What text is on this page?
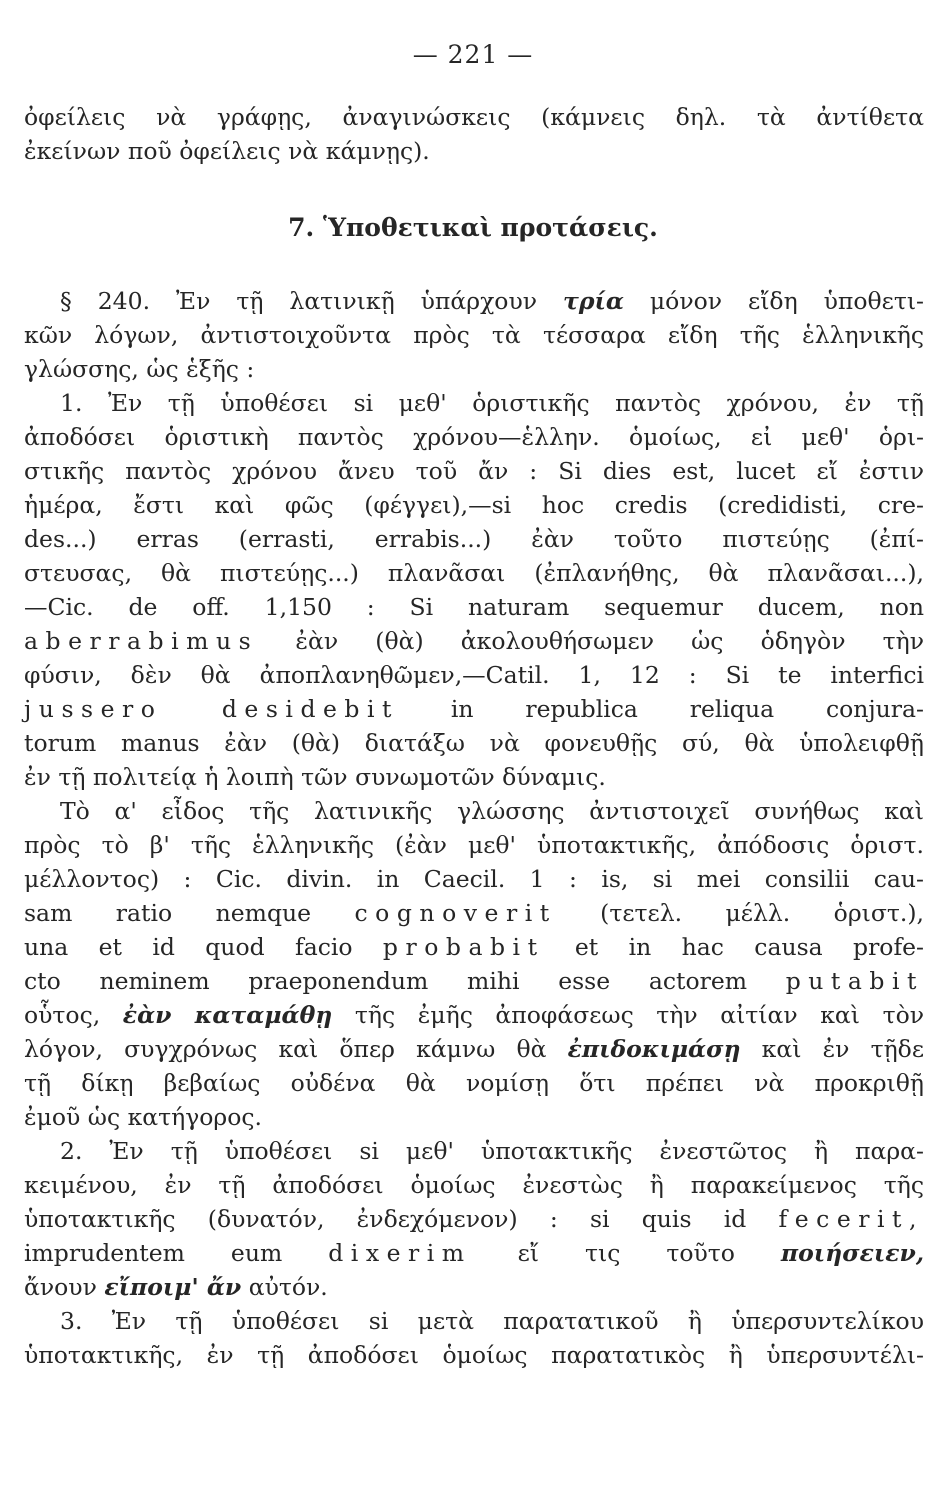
— 221 —
ὀφείλεις νὰ γράφῃς, ἀναγινώσκεις (κάμνεις δηλ. τὰ ἀντίθετα
ἐκείνων ποῦ ὀφείλεις νὰ κάμνῃς).
7. Ὑποθετικαὶ προτάσεις.
§ 240. Ἐν τῇ λατινικῇ ὑπάρχουν τρία μόνον εἴδη ὑποθετι-
κῶν λόγων, ἀντιστοιχοῦντα πρὸς τὰ τέσσαρα εἴδη τῆς ἑλληνικῆς
γλώσσης, ὡς ἑξῆς :
1. Ἐν τῇ ὑποθέσει si μεθ' ὁριστικῆς παντὸς χρόνου, ἐν τῇ
ἀποδόσει ὁριστικὴ παντὸς χρόνου—ἑλλην. ὁμοίως, εἰ μεθ' ὁρι-
στικῆς παντὸς χρόνου ἄνευ τοῦ ἄν : Si dies est, lucet εἴ ἐστιν
ἡμέρα, ἔστι καὶ φῶς (φέγγει),—si hoc credis (credidisti, cre-
des...) erras (errasti, errabis...) ἐὰν τοῦτο πιστεύῃς (ἐπί-
στευσας, θὰ πιστεύῃς...) πλανᾶσαι (ἐπλανήθης, θὰ πλανᾶσαι...),
—Cic. de off. 1,150 : Si naturam sequemur ducem, non
aberrabimus ἐὰν (θὰ) ἀκολουθήσωμεν ὡς ὁδηγὸν τὴν
φύσιν, δὲν θὰ ἀποπλανηθῶμεν,—Catil. 1, 12 : Si te interfici
jussero desidebit in republica reliqua conjura-
torum manus ἐὰν (θὰ) διατάξω νὰ φονευθῇς σύ, θὰ ὑπολειφθῇ
ἐν τῇ πολιτείᾳ ἡ λοιπὴ τῶν συνωμοτῶν δύναμις.
Τὸ α' εἶδος τῆς λατινικῆς γλώσσης ἀντιστοιχεῖ συνήθως καὶ
πρὸς τὸ β' τῆς ἑλληνικῆς (ἐὰν μεθ' ὑποτακτικῆς, ἀπόδοσις ὁριστ.
μέλλοντος) : Cic. divin. in Caecil. 1 : is, si mei consilii cau-
sam ratio nemque cognoverit (τετελ. μέλλ. ὁριστ.),
una et id quod facio probabit et in hac causa profe-
cto neminem praeponendum mihi esse actorem putabit
οὗτος, ἐὰν καταμάθῃ τῆς ἐμῆς ἀποφάσεως τὴν αἰτίαν καὶ τὸν
λόγον, συγχρόνως καὶ ὅπερ κάμνω θὰ ἐπιδοκιμάσῃ καὶ ἐν τῇδε
τῇ δίκῃ βεβαίως οὐδένα θὰ νομίσῃ ὅτι πρέπει νὰ προκριθῇ
ἐμοῦ ὡς κατήγορος.
2. Ἐν τῇ ὑποθέσει si μεθ' ὑποτακτικῆς ἐνεστῶτος ἢ παρα-
κειμένου, ἐν τῇ ἀποδόσει ὁμοίως ἐνεστὼς ἢ παρακείμενος τῆς
ὑποτακτικῆς (δυνατόν, ἐνδεχόμενον) : si quis id fecerit,
imprudentem eum dixerim εἴ τις τοῦτο ποιήσειεν,
ἄνουν εἴποιμ' ἄν αὐτόν.
3. Ἐν τῇ ὑποθέσει si μετὰ παρατατικοῦ ἢ ὑπερσυντελίκου
ὑποτακτικῆς, ἐν τῇ ἀποδόσει ὁμοίως παρατατικὸς ἢ ὑπερσυντέλι-
